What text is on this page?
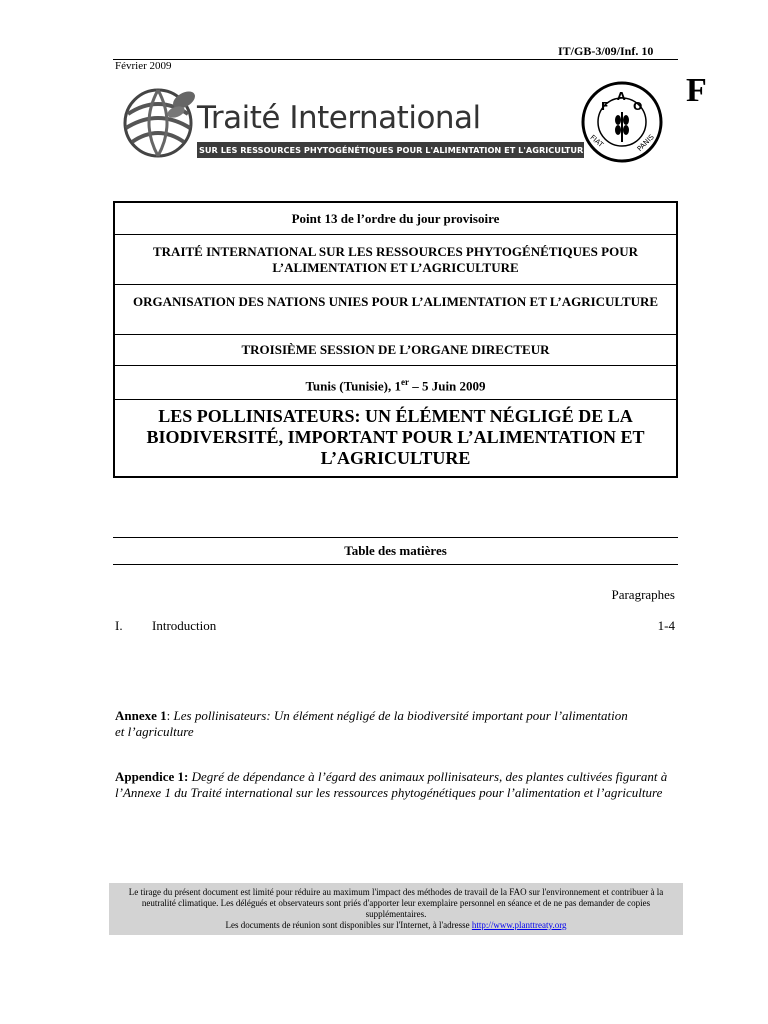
IT/GB-3/09/Inf. 10
Février 2009
F
Traité International
SUR LES RESSOURCES PHYTOGÉNÉTIQUES POUR L'ALIMENTATION ET L'AGRICULTURE
F
A
O
FIAT	PANIS
Point 13 de l’ordre du jour provisoire
TRAITÉ INTERNATIONAL SUR LES RESSOURCES PHYTOGÉNÉTIQUES POUR L’ALIMENTATION ET L’AGRICULTURE
ORGANISATION DES NATIONS UNIES POUR L’ALIMENTATION ET L’AGRICULTURE
TROISIÈME SESSION DE L’ORGANE DIRECTEUR
Tunis (Tunisie), 1er – 5 Juin 2009
LES POLLINISATEURS: UN ÉLÉMENT NÉGLIGÉ DE LA BIODIVERSITÉ, IMPORTANT POUR L’ALIMENTATION ET L’AGRICULTURE
Table des matières
Paragraphes
I. Introduction	1-4
Annexe 1: Les pollinisateurs: Un élément négligé de la biodiversité important pour l’alimentation et l’agriculture
Appendice 1: Degré de dépendance à l’égard des animaux pollinisateurs, des plantes cultivées figurant à l’Annexe 1 du Traité international sur les ressources phytogénétiques pour l’alimentation et l’agriculture
Le tirage du présent document est limité pour réduire au maximum l'impact des méthodes de travail de la FAO sur l'environnement et contribuer à la neutralité climatique. Les délégués et observateurs sont priés d'apporter leur exemplaire personnel en séance et de ne pas demander de copies supplémentaires.
Les documents de réunion sont disponibles sur l'Internet, à l'adresse http://www.planttreaty.org
